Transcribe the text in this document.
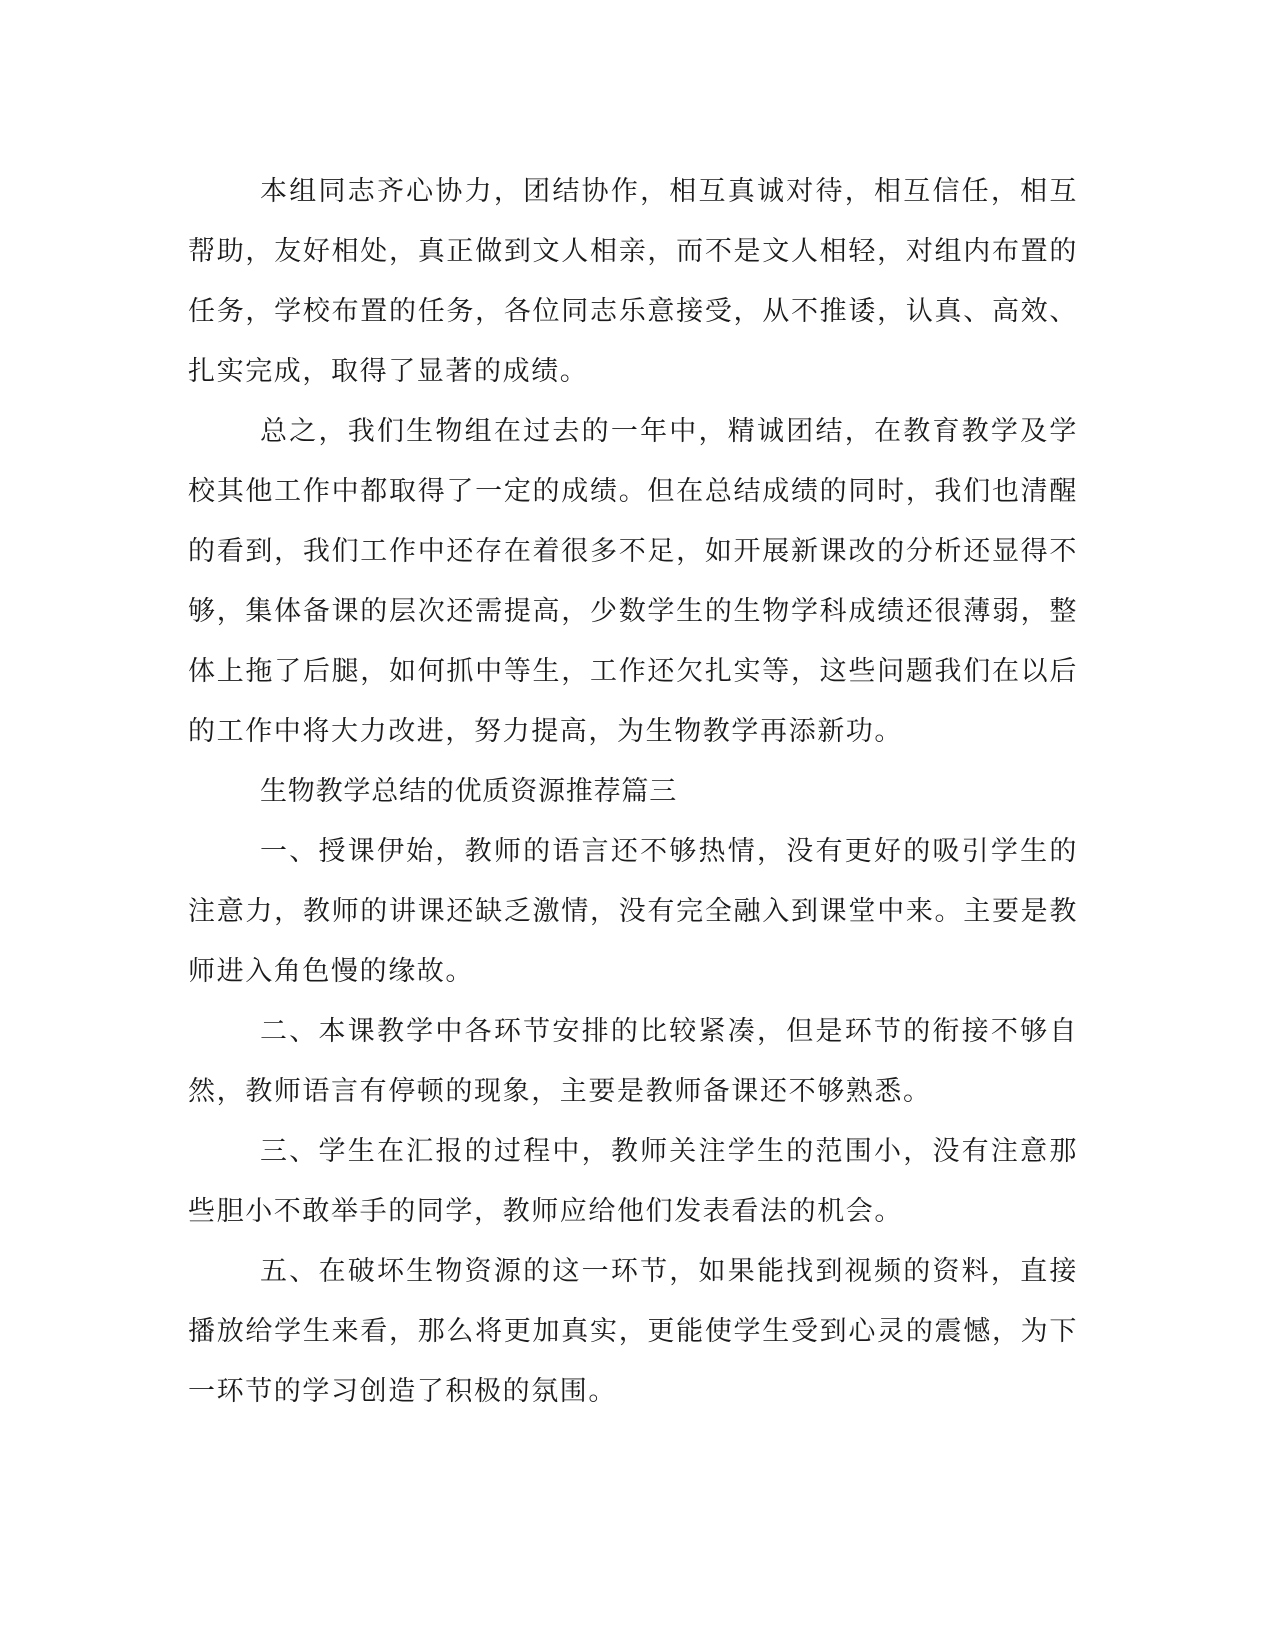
本组同志齐心协力，团结协作，相互真诚对待，相互信任，相互帮助，友好相处，真正做到文人相亲，而不是文人相轻，对组内布置的任务，学校布置的任务，各位同志乐意接受，从不推诿，认真、高效、扎实完成，取得了显著的成绩。

总之，我们生物组在过去的一年中，精诚团结，在教育教学及学校其他工作中都取得了一定的成绩。但在总结成绩的同时，我们也清醒的看到，我们工作中还存在着很多不足，如开展新课改的分析还显得不够，集体备课的层次还需提高，少数学生的生物学科成绩还很薄弱，整体上拖了后腿，如何抓中等生，工作还欠扎实等，这些问题我们在以后的工作中将大力改进，努力提高，为生物教学再添新功。

生物教学总结的优质资源推荐篇三

一、授课伊始，教师的语言还不够热情，没有更好的吸引学生的注意力，教师的讲课还缺乏激情，没有完全融入到课堂中来。主要是教师进入角色慢的缘故。

二、本课教学中各环节安排的比较紧凑，但是环节的衔接不够自然，教师语言有停顿的现象，主要是教师备课还不够熟悉。

三、学生在汇报的过程中，教师关注学生的范围小，没有注意那些胆小不敢举手的同学，教师应给他们发表看法的机会。

五、在破坏生物资源的这一环节，如果能找到视频的资料，直接播放给学生来看，那么将更加真实，更能使学生受到心灵的震憾，为下一环节的学习创造了积极的氛围。
